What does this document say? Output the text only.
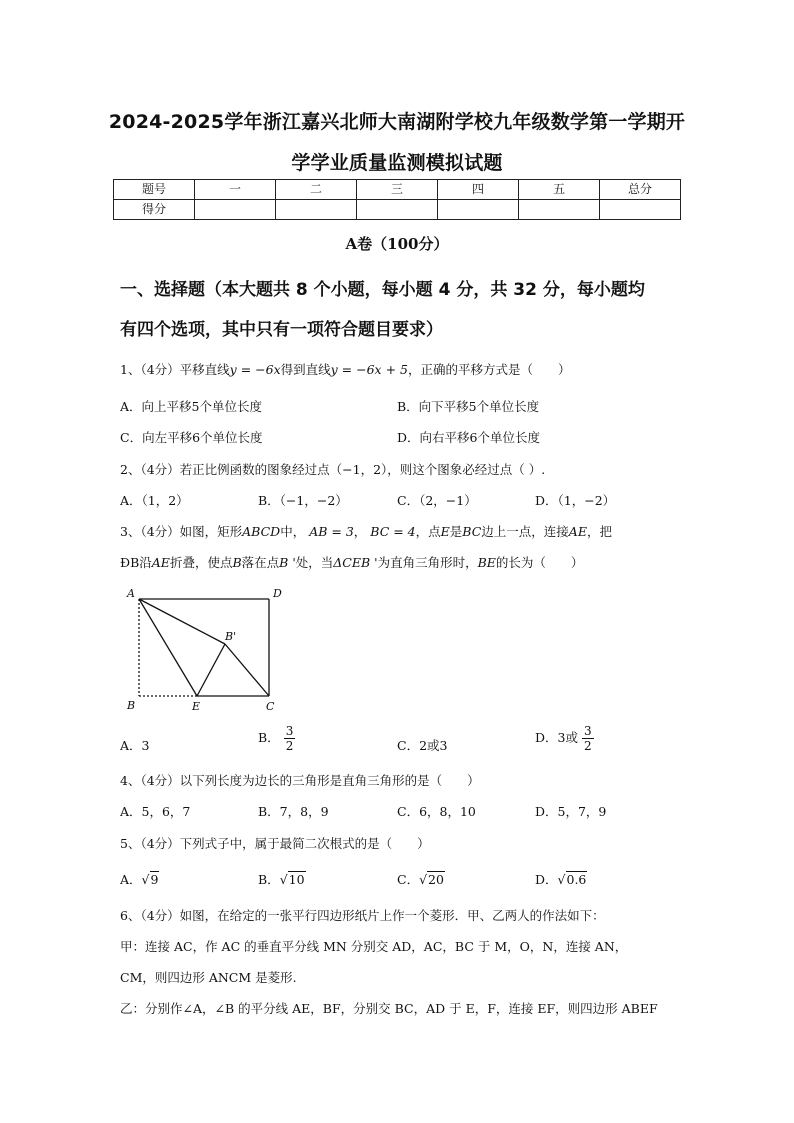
2024-2025学年浙江嘉兴北师大南湖附学校九年级数学第一学期开
学学业质量监测模拟试题
题号	一	二	三	四	五	总分
得分						
A卷（100分）
一、选择题（本大题共 8 个小题，每小题 4 分，共 32 分，每小题均
有四个选项，其中只有一项符合题目要求）
1、（4分）平移直线y = −6x得到直线y = −6x + 5，正确的平移方式是（　　）
A．向上平移5个单位长度	B．向下平移5个单位长度
C．向左平移6个单位长度	D．向右平移6个单位长度
2、（4分）若正比例函数的图象经过点（−1，2），则这个图象必经过点（ ）.
A．（1，2）	B．（−1，−2）	C．（2，−1）	D．（1，−2）
3、（4分）如图，矩形ABCD中， AB = 3， BC = 4，点E是BC边上一点，连接AE，把
ÐB沿AE折叠，使点B落在点B '处，当ΔCEB '为直角三角形时，BE的长为（　　）
A	D
B'
B	E	C
A．3
B． $\frac{3}{2}$	C．2或3
D．3或 $\frac{3}{2}$
4、（4分）以下列长度为边长的三角形是直角三角形的是（　　）
A．5，6，7	B．7，8，9	C．6，8，10	D．5，7，9
5、（4分）下列式子中，属于最简二次根式的是（　　）
A．√9	B．√10	C．√20	D．√0.6
6、（4分）如图，在给定的一张平行四边形纸片上作一个菱形．甲、乙两人的作法如下：
甲：连接 AC，作 AC 的垂直平分线 MN 分别交 AD，AC，BC 于 M，O，N，连接 AN，
CM，则四边形 ANCM 是菱形.
乙：分别作∠A，∠B 的平分线 AE，BF，分别交 BC，AD 于 E，F，连接 EF，则四边形 ABEF
